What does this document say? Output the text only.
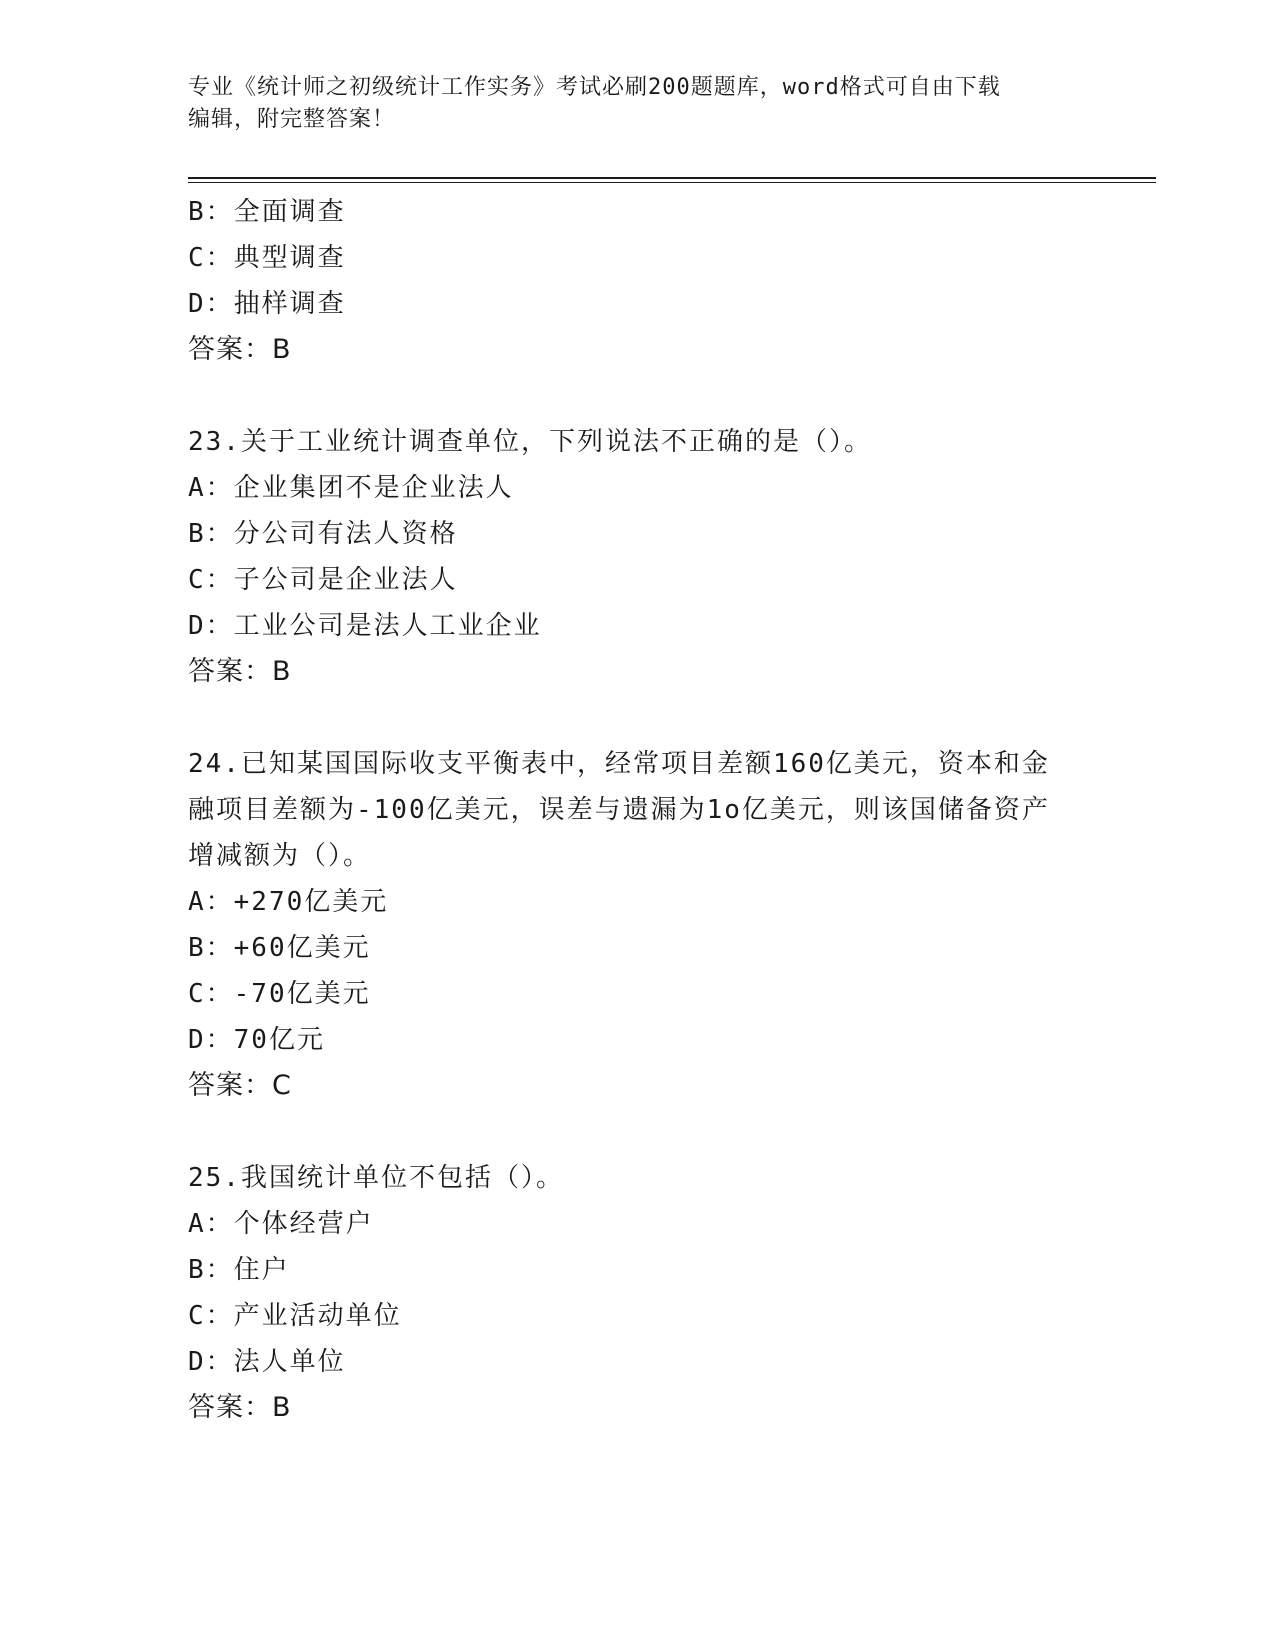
专业《统计师之初级统计工作实务》考试必刷200题题库，word格式可自由下载
编辑，附完整答案！
B：全面调查
C：典型调查
D：抽样调查
答案：B
23.关于工业统计调查单位，下列说法不正确的是（）。
A：企业集团不是企业法人
B：分公司有法人资格
C：子公司是企业法人
D：工业公司是法人工业企业
答案：B
24.已知某国国际收支平衡表中，经常项目差额160亿美元，资本和金
融项目差额为-100亿美元，误差与遗漏为1o亿美元，则该国储备资产
增减额为（）。
A：+270亿美元
B：+60亿美元
C：-70亿美元
D：70亿元
答案：C
25.我国统计单位不包括（）。
A：个体经营户
B：住户
C：产业活动单位
D：法人单位
答案：B
